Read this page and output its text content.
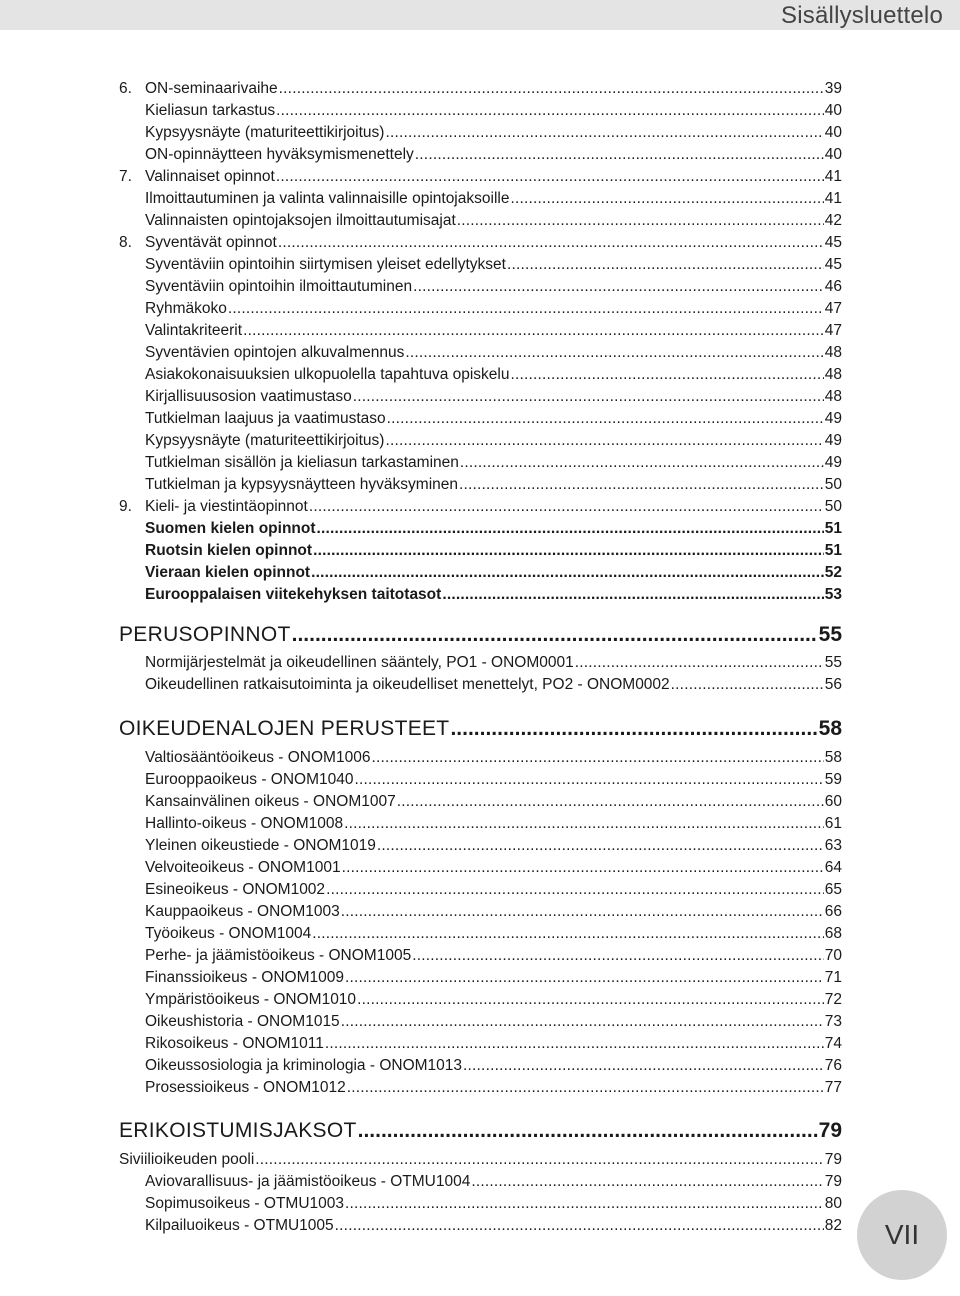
Sisällysluettelo
6. ON-seminaarivaihe .....	39
Kieliasun tarkastus .....	40
Kypsyysnäyte (maturiteettikirjoitus) .....	40
ON-opinnäytteen hyväksymismenettely .....	40
7. Valinnaiset opinnot .....	41
Ilmoittautuminen ja valinta valinnaisille opintojaksoille .....	41
Valinnaisten opintojaksojen ilmoittautumisajat .....	42
8. Syventävät opinnot .....	45
Syventäviin opintoihin siirtymisen yleiset edellytykset .....	45
Syventäviin opintoihin ilmoittautuminen .....	46
Ryhmäkoko .....	47
Valintakriteerit .....	47
Syventävien opintojen alkuvalmennus .....	48
Asiakokonaisuuksien ulkopuolella tapahtuva opiskelu .....	48
Kirjallisuusosion vaatimustaso .....	48
Tutkielman laajuus ja vaatimustaso .....	49
Kypsyysnäyte (maturiteettikirjoitus) .....	49
Tutkielman sisällön ja kieliasun tarkastaminen .....	49
Tutkielman ja kypsyysnäytteen hyväksyminen .....	50
9. Kieli- ja viestintäopinnot .....	50
Suomen kielen opinnot .....	51
Ruotsin kielen opinnot .....	51
Vieraan kielen opinnot .....	52
Eurooppalaisen viitekehyksen taitotasot .....	53
PERUSOPINNOT .....	55
Normijärjestelmät ja oikeudellinen sääntely, PO1 - ONOM0001 .....	55
Oikeudellinen ratkaisutoiminta ja oikeudelliset menettelyt, PO2 - ONOM0002 .....	56
OIKEUDENALOJEN PERUSTEET .....	58
Valtiosääntöoikeus - ONOM1006 .....	58
Eurooppaoikeus - ONOM1040 .....	59
Kansainvälinen oikeus - ONOM1007 .....	60
Hallinto-oikeus - ONOM1008 .....	61
Yleinen oikeustiede - ONOM1019 .....	63
Velvoiteoikeus - ONOM1001 .....	64
Esineoikeus - ONOM1002 .....	65
Kauppaoikeus - ONOM1003 .....	66
Työoikeus - ONOM1004 .....	68
Perhe- ja jäämistöoikeus - ONOM1005 .....	70
Finanssioikeus - ONOM1009 .....	71
Ympäristöoikeus - ONOM1010 .....	72
Oikeushistoria - ONOM1015 .....	73
Rikosoikeus - ONOM1011 .....	74
Oikeussosiologia ja kriminologia - ONOM1013 .....	76
Prosessioikeus - ONOM1012 .....	77
ERIKOISTUMISJAKSOT .....	79
Siviilioikeuden pooli .....	79
Aviovarallisuus- ja jäämistöoikeus - OTMU1004 .....	79
Sopimusoikeus - OTMU1003 .....	80
Kilpailuoikeus - OTMU1005 .....	82 VII
